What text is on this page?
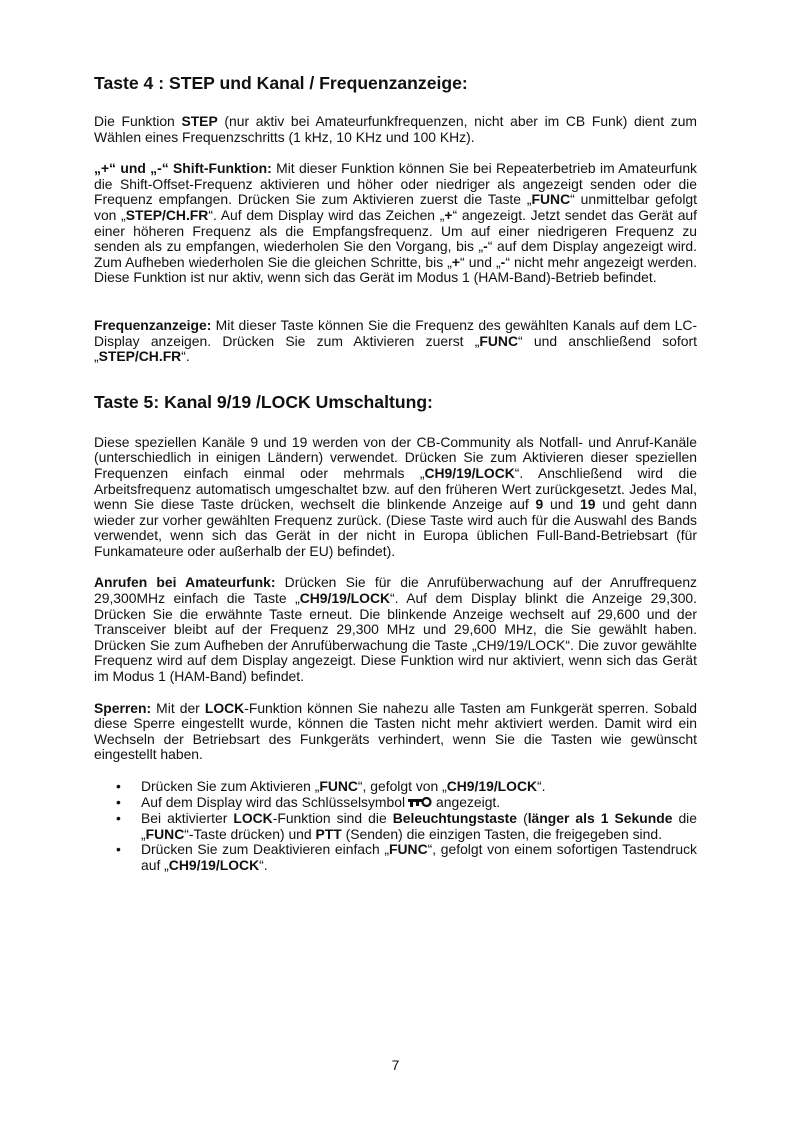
Taste 4 : STEP und Kanal / Frequenzanzeige:

Die Funktion STEP (nur aktiv bei Amateurfunkfrequenzen, nicht aber im CB Funk) dient zum Wählen eines Frequenzschritts (1 kHz, 10 KHz und 100 KHz).

„+“ und „-“ Shift-Funktion: Mit dieser Funktion können Sie bei Repeaterbetrieb im Amateurfunk die Shift-Offset-Frequenz aktivieren und höher oder niedriger als angezeigt senden oder die Frequenz empfangen. Drücken Sie zum Aktivieren zuerst die Taste „FUNC“ unmittelbar gefolgt von „STEP/CH.FR“. Auf dem Display wird das Zeichen „+“ angezeigt. Jetzt sendet das Gerät auf einer höheren Frequenz als die Empfangsfrequenz. Um auf einer niedrigeren Frequenz zu senden als zu empfangen, wiederholen Sie den Vorgang, bis „-“ auf dem Display angezeigt wird. Zum Aufheben wiederholen Sie die gleichen Schritte, bis „+“ und „-“ nicht mehr angezeigt werden. Diese Funktion ist nur aktiv, wenn sich das Gerät im Modus 1 (HAM-Band)-Betrieb befindet.

Frequenzanzeige: Mit dieser Taste können Sie die Frequenz des gewählten Kanals auf dem LC-Display anzeigen. Drücken Sie zum Aktivieren zuerst „FUNC“ und anschließend sofort „STEP/CH.FR“.

Taste 5: Kanal 9/19 /LOCK Umschaltung:

Diese speziellen Kanäle 9 und 19 werden von der CB-Community als Notfall- und Anruf-Kanäle (unterschiedlich in einigen Ländern) verwendet. Drücken Sie zum Aktivieren dieser speziellen Frequenzen einfach einmal oder mehrmals „CH9/19/LOCK“. Anschließend wird die Arbeitsfrequenz automatisch umgeschaltet bzw. auf den früheren Wert zurückgesetzt. Jedes Mal, wenn Sie diese Taste drücken, wechselt die blinkende Anzeige auf 9 und 19 und geht dann wieder zur vorher gewählten Frequenz zurück. (Diese Taste wird auch für die Auswahl des Bands verwendet, wenn sich das Gerät in der nicht in Europa üblichen Full-Band-Betriebsart (für Funkamateure oder außerhalb der EU) befindet).

Anrufen bei Amateurfunk: Drücken Sie für die Anrufüberwachung auf der Anruffrequenz 29,300MHz einfach die Taste „CH9/19/LOCK“. Auf dem Display blinkt die Anzeige 29,300. Drücken Sie die erwähnte Taste erneut. Die blinkende Anzeige wechselt auf 29,600 und der Transceiver bleibt auf der Frequenz 29,300 MHz und 29,600 MHz, die Sie gewählt haben. Drücken Sie zum Aufheben der Anrufüberwachung die Taste „CH9/19/LOCK“. Die zuvor gewählte Frequenz wird auf dem Display angezeigt. Diese Funktion wird nur aktiviert, wenn sich das Gerät im Modus 1 (HAM-Band) befindet.

Sperren: Mit der LOCK-Funktion können Sie nahezu alle Tasten am Funkgerät sperren. Sobald diese Sperre eingestellt wurde, können die Tasten nicht mehr aktiviert werden. Damit wird ein Wechseln der Betriebsart des Funkgeräts verhindert, wenn Sie die Tasten wie gewünscht eingestellt haben.

• Drücken Sie zum Aktivieren „FUNC“, gefolgt von „CH9/19/LOCK“.
• Auf dem Display wird das Schlüsselsymbol angezeigt.
• Bei aktivierter LOCK-Funktion sind die Beleuchtungstaste (länger als 1 Sekunde die „FUNC“-Taste drücken) und PTT (Senden) die einzigen Tasten, die freigegeben sind.
• Drücken Sie zum Deaktivieren einfach „FUNC“, gefolgt von einem sofortigen Tastendruck auf „CH9/19/LOCK“.
7
